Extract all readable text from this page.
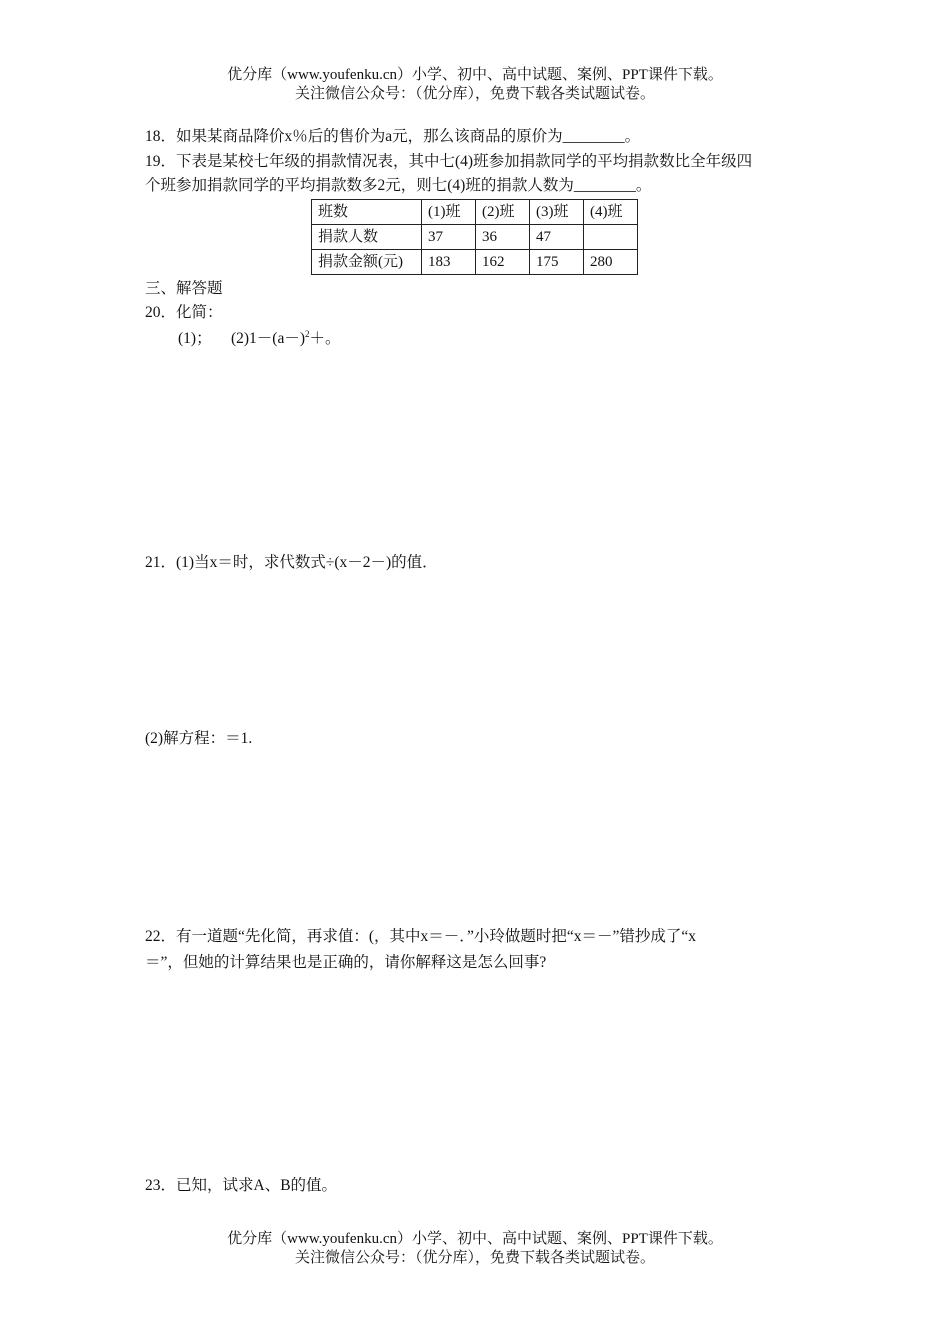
优分库（www.youfenku.cn）小学、初中、高中试题、案例、PPT课件下载。
关注微信公众号：（优分库），免费下载各类试题试卷。
18．如果某商品降价x％后的售价为a元，那么该商品的原价为________。
19．下表是某校七年级的捐款情况表，其中七(4)班参加捐款同学的平均捐款数比全年级四
个班参加捐款同学的平均捐款数多2元，则七(4)班的捐款人数为________。
班数	(1)班	(2)班	(3)班	(4)班
捐款人数	37	36	47	
捐款金额(元)	183	162	175	280
三、解答题
20．化简：
(1)； $(2)1-(a-)^2+$。
21．(1)当x＝时，求代数式÷(x－2－)的值．
(2)解方程：＝1.
22．有一道题“先化简，再求值：(，其中x＝－．”小玲做题时把“x＝－”错抄成了“x
＝”，但她的计算结果也是正确的，请你解释这是怎么回事?
23．已知，试求A、B的值。
优分库（www.youfenku.cn）小学、初中、高中试题、案例、PPT课件下载。
关注微信公众号：（优分库），免费下载各类试题试卷。
